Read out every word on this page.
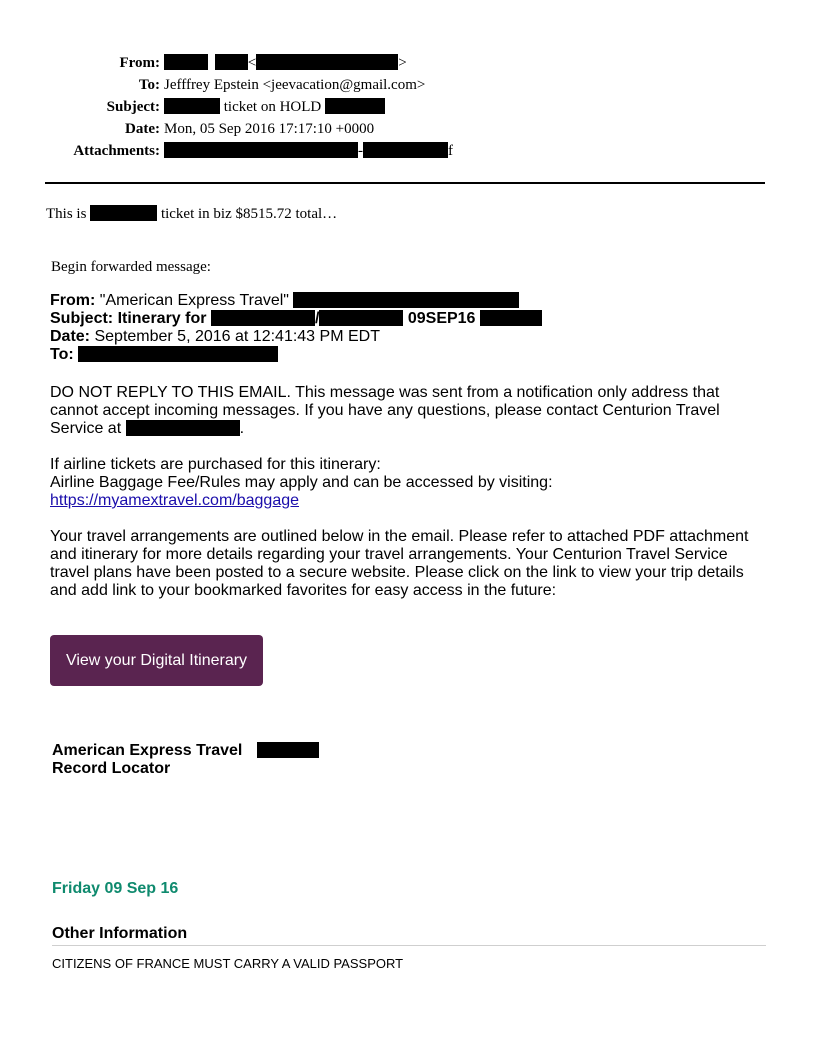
From:	<	>
To: Jefffrey Epstein <jeevacation@gmail.com>
Subject:	ticket on HOLD
Date: Mon, 05 Sep 2016 17:17:10 +0000
Attachments:	-	f
This is	ticket in biz $8515.72 total…
Begin forwarded message:
From: "American Express Travel"
Subject: Itinerary for	/	09SEP16
Date: September 5, 2016 at 12:41:43 PM EDT
To:
DO NOT REPLY TO THIS EMAIL. This message was sent from a notification only address that cannot accept incoming messages. If you have any questions, please contact Centurion Travel Service at	.
If airline tickets are purchased for this itinerary:
Airline Baggage Fee/Rules may apply and can be accessed by visiting:
https://myamextravel.com/baggage
Your travel arrangements are outlined below in the email. Please refer to attached PDF attachment and itinerary for more details regarding your travel arrangements. Your Centurion Travel Service travel plans have been posted to a secure website. Please click on the link to view your trip details and add link to your bookmarked favorites for easy access in the future:
View your Digital Itinerary
American Express Travel
Record Locator
Friday 09 Sep 16
Other Information
CITIZENS OF FRANCE MUST CARRY A VALID PASSPORT
